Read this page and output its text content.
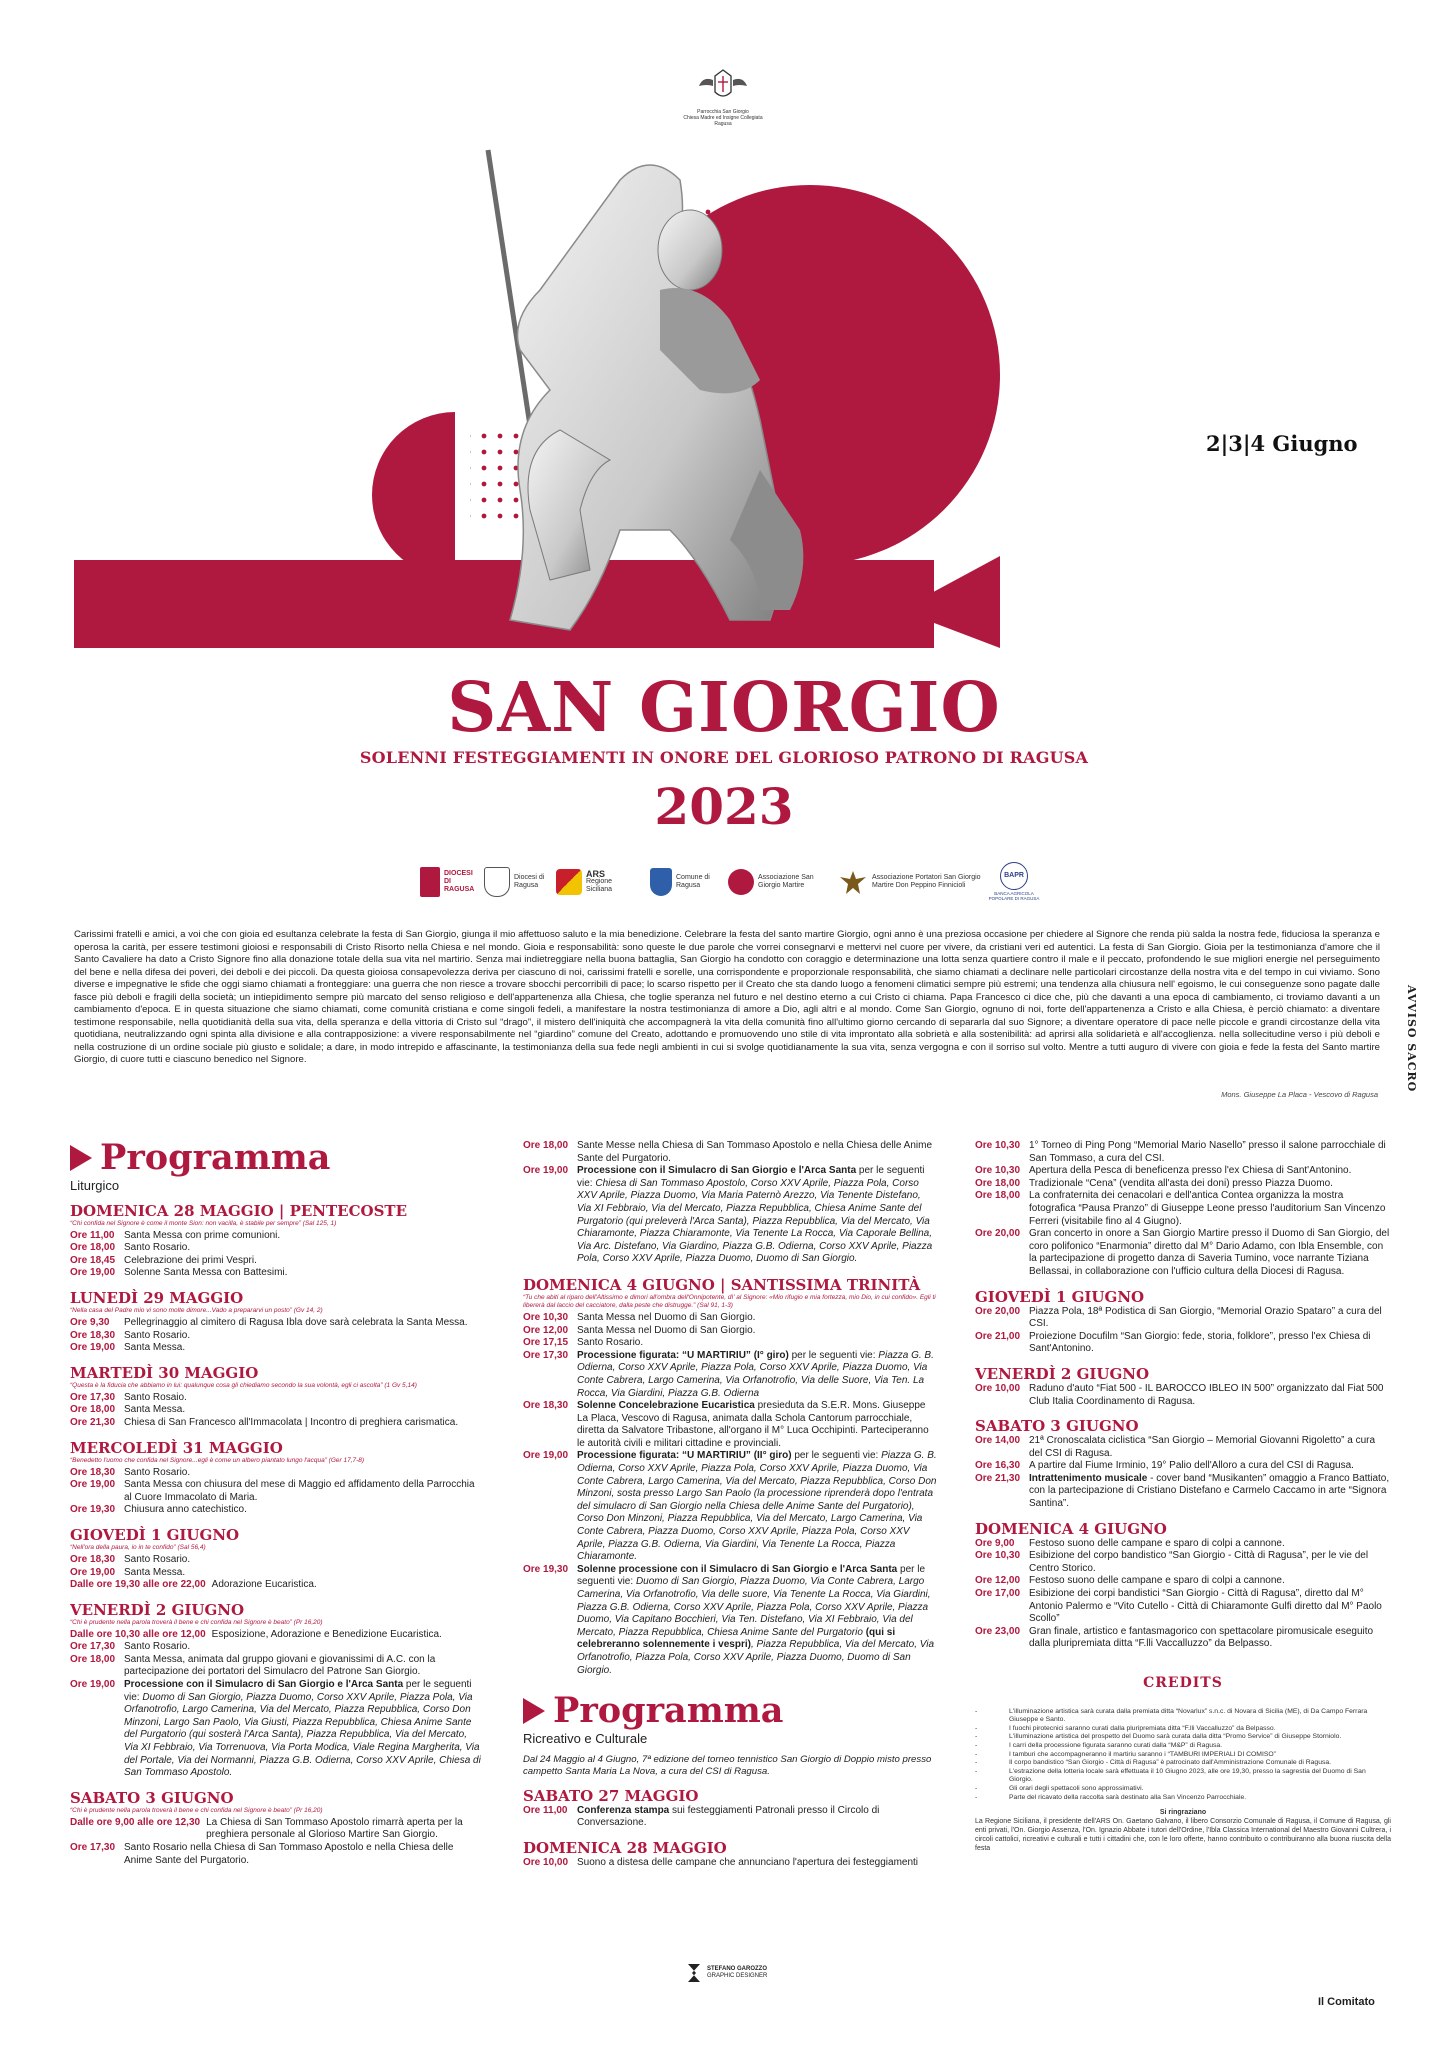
Parrocchia San Giorgio
Chiesa Madre ed Insigne Collegiata
Ragusa
2|3|4 Giugno
SAN GIORGIO
SOLENNI FESTEGGIAMENTI IN ONORE DEL GLORIOSO PATRONO DI RAGUSA
2023
DIOCESI DI RAGUSA
Diocesi di Ragusa
ARS
Regione Siciliana
Comune di Ragusa
Associazione San Giorgio Martire
Associazione Portatori San Giorgio Martire Don Peppino Finnicioli
BAPR
BANCA AGRICOLA POPOLARE DI RAGUSA
Carissimi fratelli e amici, a voi che con gioia ed esultanza celebrate la festa di San Giorgio, giunga il mio affettuoso saluto e la mia benedizione. Celebrare la festa del santo martire Giorgio, ogni anno è una preziosa occasione per chiedere al Signore che renda più salda la nostra fede, fiduciosa la speranza e operosa la carità, per essere testimoni gioiosi e responsabili di Cristo Risorto nella Chiesa e nel mondo. Gioia e responsabilità: sono queste le due parole che vorrei consegnarvi e mettervi nel cuore per vivere, da cristiani veri ed autentici. La festa di San Giorgio. Gioia per la testimonianza d'amore che il Santo Cavaliere ha dato a Cristo Signore fino alla donazione totale della sua vita nel martirio. Senza mai indietreggiare nella buona battaglia, San Giorgio ha condotto con coraggio e determinazione una lotta senza quartiere contro il male e il peccato, profondendo le sue migliori energie nel perseguimento del bene e nella difesa dei poveri, dei deboli e dei piccoli. Da questa gioiosa consapevolezza deriva per ciascuno di noi, carissimi fratelli e sorelle, una corrispondente e proporzionale responsabilità, che siamo chiamati a declinare nelle particolari circostanze della nostra vita e del tempo in cui viviamo. Sono diverse e impegnative le sfide che oggi siamo chiamati a fronteggiare: una guerra che non riesce a trovare sbocchi percorribili di pace; lo scarso rispetto per il Creato che sta dando luogo a fenomeni climatici sempre più estremi; una tendenza alla chiusura nell' egoismo, le cui conseguenze sono pagate dalle fasce più deboli e fragili della società; un intiepidimento sempre più marcato del senso religioso e dell'appartenenza alla Chiesa, che toglie speranza nel futuro e nel destino eterno a cui Cristo ci chiama. Papa Francesco ci dice che, più che davanti a una epoca di cambiamento, ci troviamo davanti a un cambiamento d'epoca. E in questa situazione che siamo chiamati, come comunità cristiana e come singoli fedeli, a manifestare la nostra testimonianza di amore a Dio, agli altri e al mondo. Come San Giorgio, ognuno di noi, forte dell'appartenenza a Cristo e alla Chiesa, è perciò chiamato: a diventare testimone responsabile, nella quotidianità della sua vita, della speranza e della vittoria di Cristo sul “drago”, il mistero dell'iniquità che accompagnerà la vita della comunità fino all'ultimo giorno cercando di separarla dal suo Signore; a diventare operatore di pace nelle piccole e grandi circostanze della vita quotidiana, neutralizzando ogni spinta alla divisione e alla contrapposizione: a vivere responsabilmente nel “giardino” comune del Creato, adottando e promuovendo uno stile di vita improntato alla sobrietà e alla sostenibilità: ad aprirsi alla solidarietà e all'accoglienza. nella sollecitudine verso i più deboli e nella costruzione di un ordine sociale più giusto e solidale; a dare, in modo intrepido e affascinante, la testimonianza della sua fede negli ambienti in cui si svolge quotidianamente la sua vita, senza vergogna e con il sorriso sul volto. Mentre a tutti auguro di vivere con gioia e fede la festa del Santo martire Giorgio, di cuore tutti e ciascuno benedico nel Signore.
Mons. Giuseppe La Placa - Vescovo di Ragusa
AVVISO SACRO
Programma
Liturgico
DOMENICA 28 MAGGIO | PENTECOSTE
“Chi confida nel Signore è come il monte Sion: non vacilla, è stabile per sempre” (Sal 125, 1)
Ore 11,00 Santa Messa con prime comunioni.
Ore 18,00 Santo Rosario.
Ore 18,45 Celebrazione dei primi Vespri.
Ore 19,00 Solenne Santa Messa con Battesimi.
LUNEDÌ 29 MAGGIO
“Nella casa del Padre mio vi sono molte dimore...Vado a prepararvi un posto” (Gv 14, 2)
Ore 9,30	Pellegrinaggio al cimitero di Ragusa Ibla dove sarà celebrata la Santa Messa.
Ore 18,30 Santo Rosario.
Ore 19,00 Santa Messa.
MARTEDÌ 30 MAGGIO
“Questa è la fiducia che abbiamo in lui: qualunque cosa gli chiediamo secondo la sua volontà, egli ci ascolta” (1 Gv 5,14)
Ore 17,30 Santo Rosaio.
Ore 18,00 Santa Messa.
Ore 21,30 Chiesa di San Francesco all'Immacolata | Incontro di preghiera carismatica.
MERCOLEDÌ 31 MAGGIO
“Benedetto l'uomo che confida nel Signore...egli è come un albero piantato lungo l'acqua” (Ger 17,7-8)
Ore 18,30 Santo Rosario.
Ore 19,00 Santa Messa con chiusura del mese di Maggio ed affidamento della Parrocchia al Cuore Immacolato di Maria.
Ore 19,30 Chiusura anno catechistico.
GIOVEDÌ 1 GIUGNO
“Nell'ora della paura, io in te confido” (Sal 56,4)
Ore 18,30 Santo Rosario.
Ore 19,00 Santa Messa.
Dalle ore 19,30 alle ore 22,00 Adorazione Eucaristica.
VENERDÌ 2 GIUGNO
“Chi è prudente nella parola troverà il bene e chi confida nel Signore è beato” (Pr 16,20)
Dalle ore 10,30 alle ore 12,00 Esposizione, Adorazione e Benedizione Eucaristica.
Ore 17,30 Santo Rosario.
Ore 18,00 Santa Messa, animata dal gruppo giovani e giovanissimi di A.C. con la partecipazione dei portatori del Simulacro del Patrone San Giorgio.
Ore 19,00 Processione con il Simulacro di San Giorgio e l'Arca Santa per le seguenti vie: Duomo di San Giorgio, Piazza Duomo, Corso XXV Aprile, Piazza Pola, Via Orfanotrofio, Largo Camerina, Via del Mercato, Piazza Repubblica, Corso Don Minzoni, Largo San Paolo, Via Giusti, Piazza Repubblica, Chiesa Anime Sante del Purgatorio (qui sosterà l'Arca Santa), Piazza Repubblica, Via del Mercato, Via XI Febbraio, Via Torrenuova, Via Porta Modica, Viale Regina Margherita, Via del Portale, Via dei Normanni, Piazza G.B. Odierna, Corso XXV Aprile, Chiesa di San Tommaso Apostolo.
SABATO 3 GIUGNO
“Chi è prudente nella parola troverà il bene e chi confida nel Signore è beato” (Pr 16,20)
Dalle ore 9,00 alle ore 12,30 La Chiesa di San Tommaso Apostolo rimarrà aperta per la preghiera personale al Glorioso Martire San Giorgio.
Ore 17,30 Santo Rosario nella Chiesa di San Tommaso Apostolo e nella Chiesa delle Anime Sante del Purgatorio.
Ore 18,00 Sante Messe nella Chiesa di San Tommaso Apostolo e nella Chiesa delle Anime Sante del Purgatorio.
Ore 19,00 Processione con il Simulacro di San Giorgio e l'Arca Santa per le seguenti vie: Chiesa di San Tommaso Apostolo, Corso XXV Aprile, Piazza Pola, Corso XXV Aprile, Piazza Duomo, Via Maria Paternò Arezzo, Via Tenente Distefano, Via XI Febbraio, Via del Mercato, Piazza Repubblica, Chiesa Anime Sante del Purgatorio (qui preleverà l'Arca Santa), Piazza Repubblica, Via del Mercato, Via Chiaramonte, Piazza Chiaramonte, Via Tenente La Rocca, Via Caporale Bellina, Via Arc. Distefano, Via Giardino, Piazza G.B. Odierna, Corso XXV Aprile, Piazza Pola, Corso XXV Aprile, Piazza Duomo, Duomo di San Giorgio.
DOMENICA 4 GIUGNO | SANTISSIMA TRINITÀ
“Tu che abiti al riparo dell'Altissimo e dimori all'ombra dell'Onnipotente, dì' al Signore: «Mio rifugio e mia fortezza, mio Dio, in cui confido». Egli ti libererà dal laccio del cacciatore, dalla peste che distrugge.” (Sal 91, 1-3)
Ore 10,30 Santa Messa nel Duomo di San Giorgio.
Ore 12,00 Santa Messa nel Duomo di San Giorgio.
Ore 17,15 Santo Rosario.
Ore 17,30 Processione figurata: “U MARTIRIU” (I° giro) per le seguenti vie: Piazza G. B. Odierna, Corso XXV Aprile, Piazza Pola, Corso XXV Aprile, Piazza Duomo, Via Conte Cabrera, Largo Camerina, Via Orfanotrofio, Via delle Suore, Via Ten. La Rocca, Via Giardini, Piazza G.B. Odierna
Ore 18,30 Solenne Concelebrazione Eucaristica presieduta da S.E.R. Mons. Giuseppe La Placa, Vescovo di Ragusa, animata dalla Schola Cantorum parrocchiale, diretta da Salvatore Tribastone, all'organo il M° Luca Occhipinti. Parteciperanno le autorità civili e militari cittadine e provinciali.
Ore 19,00 Processione figurata: “U MARTIRIU” (II° giro) per le seguenti vie: Piazza G. B. Odierna, Corso XXV Aprile, Piazza Pola, Corso XXV Aprile, Piazza Duomo, Via Conte Cabrera, Largo Camerina, Via del Mercato, Piazza Repubblica, Corso Don Minzoni, sosta presso Largo San Paolo (la processione riprenderà dopo l'entrata del simulacro di San Giorgio nella Chiesa delle Anime Sante del Purgatorio), Corso Don Minzoni, Piazza Repubblica, Via del Mercato, Largo Camerina, Via Conte Cabrera, Piazza Duomo, Corso XXV Aprile, Piazza Pola, Corso XXV Aprile, Piazza G.B. Odierna, Via Giardini, Via Tenente La Rocca, Piazza Chiaramonte.
Ore 19,30 Solenne processione con il Simulacro di San Giorgio e l'Arca Santa per le seguenti vie: Duomo di San Giorgio, Piazza Duomo, Via Conte Cabrera, Largo Camerina, Via Orfanotrofio, Via delle suore, Via Tenente La Rocca, Via Giardini, Piazza G.B. Odierna, Corso XXV Aprile, Piazza Pola, Corso XXV Aprile, Piazza Duomo, Via Capitano Bocchieri, Via Ten. Distefano, Via XI Febbraio, Via del Mercato, Piazza Repubblica, Chiesa Anime Sante del Purgatorio (qui si celebreranno solennemente i vespri), Piazza Repubblica, Via del Mercato, Via Orfanotrofio, Piazza Pola, Corso XXV Aprile, Piazza Duomo, Duomo di San Giorgio.
Programma
Ricreativo e Culturale
Dal 24 Maggio al 4 Giugno, 7ª edizione del torneo tennistico San Giorgio di Doppio misto presso campetto Santa Maria La Nova, a cura del CSI di Ragusa.
SABATO 27 MAGGIO
Ore 11,00 Conferenza stampa sui festeggiamenti Patronali presso il Circolo di Conversazione.
DOMENICA 28 MAGGIO
Ore 10,00 Suono a distesa delle campane che annunciano l'apertura dei festeggiamenti
Ore 10,30 1° Torneo di Ping Pong “Memorial Mario Nasello” presso il salone parrocchiale di San Tommaso, a cura del CSI.
Ore 10,30 Apertura della Pesca di beneficenza presso l'ex Chiesa di Sant'Antonino.
Ore 18,00 Tradizionale “Cena” (vendita all'asta dei doni) presso Piazza Duomo.
Ore 18,00 La confraternita dei cenacolari e dell'antica Contea organizza la mostra fotografica “Pausa Pranzo” di Giuseppe Leone presso l'auditorium San Vincenzo Ferreri (visitabile fino al 4 Giugno).
Ore 20,00 Gran concerto in onore a San Giorgio Martire presso il Duomo di San Giorgio, del coro polifonico “Enarmonia” diretto dal M° Dario Adamo, con Ibla Ensemble, con la partecipazione di progetto danza di Saveria Tumino, voce narrante Tiziana Bellassai, in collaborazione con l'ufficio cultura della Diocesi di Ragusa.
GIOVEDÌ 1 GIUGNO
Ore 20,00 Piazza Pola, 18ª Podistica di San Giorgio, “Memorial Orazio Spataro” a cura del CSI.
Ore 21,00 Proiezione Docufilm “San Giorgio: fede, storia, folklore”, presso l'ex Chiesa di Sant'Antonino.
VENERDÌ 2 GIUGNO
Ore 10,00 Raduno d'auto “Fiat 500 - IL BAROCCO IBLEO IN 500” organizzato dal Fiat 500 Club Italia Coordinamento di Ragusa.
SABATO 3 GIUGNO
Ore 14,00 21ª Cronoscalata ciclistica “San Giorgio – Memorial Giovanni Rigoletto” a cura del CSI di Ragusa.
Ore 16,30 A partire dal Fiume Irminio, 19° Palio dell'Alloro a cura del CSI di Ragusa.
Ore 21,30 Intrattenimento musicale - cover band “Musikanten” omaggio a Franco Battiato, con la partecipazione di Cristiano Distefano e Carmelo Caccamo in arte “Signora Santina”.
DOMENICA 4 GIUGNO
Ore 9,00	Festoso suono delle campane e sparo di colpi a cannone.
Ore 10,30 Esibizione del corpo bandistico “San Giorgio - Città di Ragusa”, per le vie del Centro Storico.
Ore 12,00 Festoso suono delle campane e sparo di colpi a cannone.
Ore 17,00 Esibizione dei corpi bandistici “San Giorgio - Città di Ragusa”, diretto dal M° Antonio Palermo e “Vito Cutello - Città di Chiaramonte Gulfi diretto dal M° Paolo Scollo”
Ore 23,00 Gran finale, artistico e fantasmagorico con spettacolare piromusicale eseguito dalla pluripremiata ditta “F.lli Vaccalluzzo” da Belpasso.
CREDITS
-	L'illuminazione artistica sarà curata dalla premiata ditta “Novarlux” s.n.c. di Novara di Sicilia (ME), di Da Campo Ferrara Giuseppe e Santo.
-	I fuochi pirotecnici saranno curati dalla pluripremiata ditta “F.lli Vaccalluzzo” da Belpasso.
-	L'illuminazione artistica del prospetto del Duomo sarà curata dalla ditta “Promo Service” di Giuseppe Storniolo.
-	I carri della processione figurata saranno curati dalla “M&P” di Ragusa.
-	I tamburi che accompagneranno il martiriu saranno i “TAMBURI IMPERIALI DI COMISO”
-	Il corpo bandistico “San Giorgio - Città di Ragusa” è patrocinato dall'Amministrazione Comunale di Ragusa.
-	L'estrazione della lotteria locale sarà effettuata il 10 Giugno 2023, alle ore 19,30, presso la sagrestia del Duomo di San Giorgio.
-	Gli orari degli spettacoli sono approssimativi.
-	Parte del ricavato della raccolta sarà destinato alla San Vincenzo Parrocchiale.
Si ringraziano
La Regione Siciliana, il presidente dell'ARS On. Gaetano Galvano, il libero Consorzio Comunale di Ragusa, il Comune di Ragusa, gli enti privati, l'On. Giorgio Assenza, l'On. Ignazio Abbate i tutori dell'Ordine, l'Ibla Classica International del Maestro Giovanni Cultrera, i circoli cattolici, ricreativi e culturali e tutti i cittadini che, con le loro offerte, hanno contribuito o contribuiranno alla buona riuscita della festa
Il Comitato
STEFANO GAROZZO
GRAPHIC DESIGNER
